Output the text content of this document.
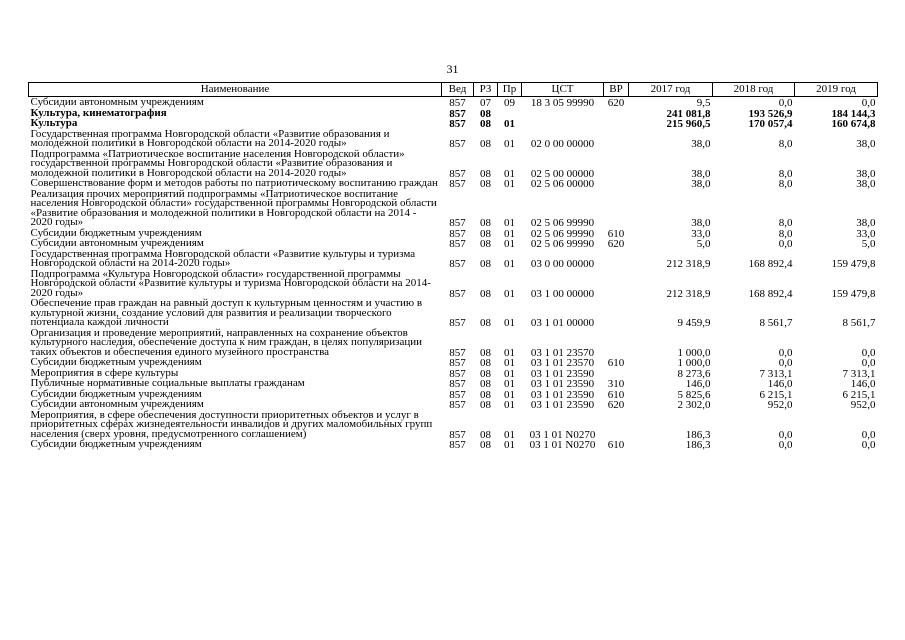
31
Наименование	Вед	РЗ	Пр	ЦСТ	ВР	2017 год	2018 год	2019 год
Субсидии автономным учреждениям	857	07	09	18 3 05 99990	620	9,5	0,0	0,0
Культура, кинематография	857	08				241 081,8	193 526,9	184 144,3
Культура	857	08	01			215 960,5	170 057,4	160 674,8
Государственная программа Новгородской области «Развитие образования и молодежной политики в Новгородской области на 2014-2020 годы»	857	08	01	02 0 00 00000		38,0	8,0	38,0
Подпрограмма «Патриотическое воспитание населения Новгородской области» государственной программы Новгородской области «Развитие образования и молодежной политики в Новгородской области на 2014-2020 годы»	857	08	01	02 5 00 00000		38,0	8,0	38,0
Совершенствование форм и методов работы по патриотическому воспитанию граждан	857	08	01	02 5 06 00000		38,0	8,0	38,0
Реализация прочих мероприятий подпрограммы «Патриотическое воспитание населения Новгородской области» государственной программы Новгородской области «Развитие образования и молодежной политики в Новгородской области на 2014 - 2020 годы»	857	08	01	02 5 06 99990		38,0	8,0	38,0
Субсидии бюджетным учреждениям	857	08	01	02 5 06 99990	610	33,0	8,0	33,0
Субсидии автономным учреждениям	857	08	01	02 5 06 99990	620	5,0	0,0	5,0
Государственная программа Новгородской области «Развитие культуры и туризма Новгородской области на 2014-2020 годы»	857	08	01	03 0 00 00000		212 318,9	168 892,4	159 479,8
Подпрограмма «Культура Новгородской области» государственной программы Новгородской области «Развитие культуры и туризма Новгородской области на 2014-2020 годы»	857	08	01	03 1 00 00000		212 318,9	168 892,4	159 479,8
Обеспечение прав граждан на равный доступ к культурным ценностям и участию в культурной жизни, создание условий для развития и реализации творческого потенциала каждой личности	857	08	01	03 1 01 00000		9 459,9	8 561,7	8 561,7
Организация и проведение мероприятий, направленных на сохранение объектов культурного наследия, обеспечение доступа к ним граждан, в целях популяризации таких объектов и обеспечения единого музейного пространства	857	08	01	03 1 01 23570		1 000,0	0,0	0,0
Субсидии бюджетным учреждениям	857	08	01	03 1 01 23570	610	1 000,0	0,0	0,0
Мероприятия в сфере культуры	857	08	01	03 1 01 23590		8 273,6	7 313,1	7 313,1
Публичные нормативные социальные выплаты гражданам	857	08	01	03 1 01 23590	310	146,0	146,0	146,0
Субсидии бюджетным учреждениям	857	08	01	03 1 01 23590	610	5 825,6	6 215,1	6 215,1
Субсидии автономным учреждениям	857	08	01	03 1 01 23590	620	2 302,0	952,0	952,0
Мероприятия, в сфере обеспечения доступности приоритетных объектов и услуг в приоритетных сферах жизнедеятельности инвалидов и других маломобильных групп населения (сверх уровня, предусмотренного соглашением)	857	08	01	03 1 01 N0270		186,3	0,0	0,0
Субсидии бюджетным учреждениям	857	08	01	03 1 01 N0270	610	186,3	0,0	0,0
